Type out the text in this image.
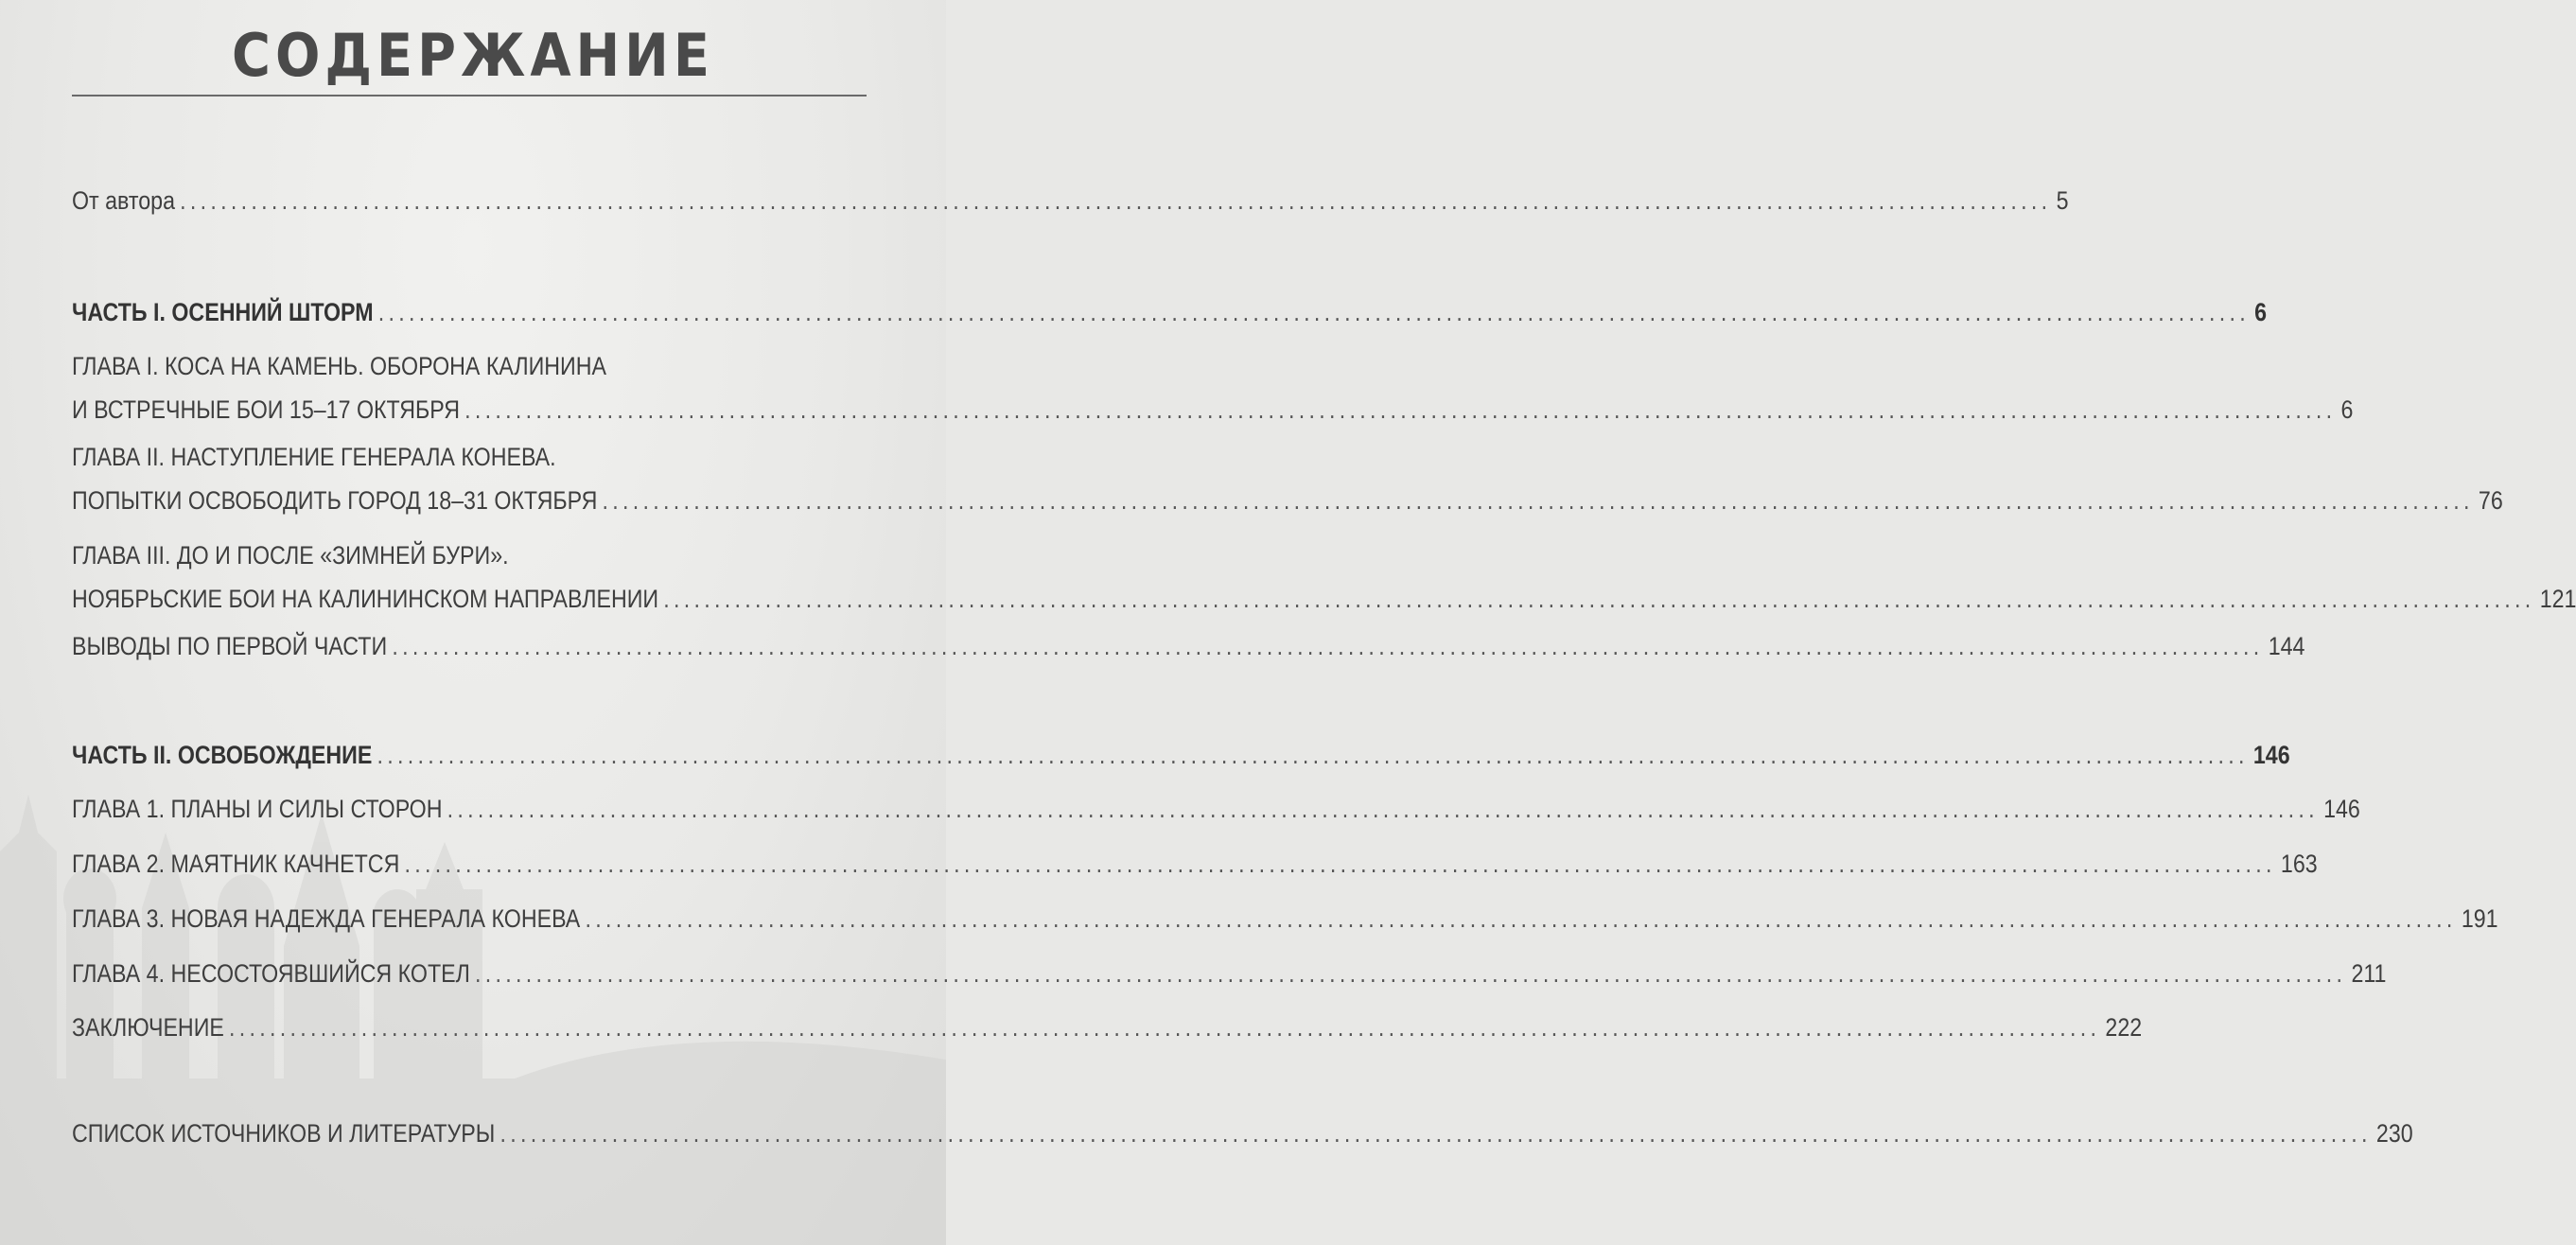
СОДЕРЖАНИЕ
От автора ........................................................................................................................................................................................ 5
ЧАСТЬ I. ОСЕННИЙ ШТОРМ ........................................................................................................................................................................................ 6
ГЛАВА I. КОСА НА КАМЕНЬ. ОБОРОНА КАЛИНИНА
И ВСТРЕЧНЫЕ БОИ 15–17 ОКТЯБРЯ ........................................................................................................................................................................................ 6
ГЛАВА II. НАСТУПЛЕНИЕ ГЕНЕРАЛА КОНЕВА.
ПОПЫТКИ ОСВОБОДИТЬ ГОРОД 18–31 ОКТЯБРЯ ........................................................................................................................................................................................ 76
ГЛАВА III. ДО И ПОСЛЕ «ЗИМНЕЙ БУРИ».
НОЯБРЬСКИЕ БОИ НА КАЛИНИНСКОМ НАПРАВЛЕНИИ ........................................................................................................................................................................................ 121
ВЫВОДЫ ПО ПЕРВОЙ ЧАСТИ ........................................................................................................................................................................................ 144
ЧАСТЬ II. ОСВОБОЖДЕНИЕ ........................................................................................................................................................................................ 146
ГЛАВА 1. ПЛАНЫ И СИЛЫ СТОРОН ........................................................................................................................................................................................ 146
ГЛАВА 2. МАЯТНИК КАЧНЕТСЯ ........................................................................................................................................................................................ 163
ГЛАВА 3. НОВАЯ НАДЕЖДА ГЕНЕРАЛА КОНЕВА ........................................................................................................................................................................................ 191
ГЛАВА 4. НЕСОСТОЯВШИЙСЯ КОТЕЛ ........................................................................................................................................................................................ 211
ЗАКЛЮЧЕНИЕ ........................................................................................................................................................................................ 222
СПИСОК ИСТОЧНИКОВ И ЛИТЕРАТУРЫ ........................................................................................................................................................................................ 230
